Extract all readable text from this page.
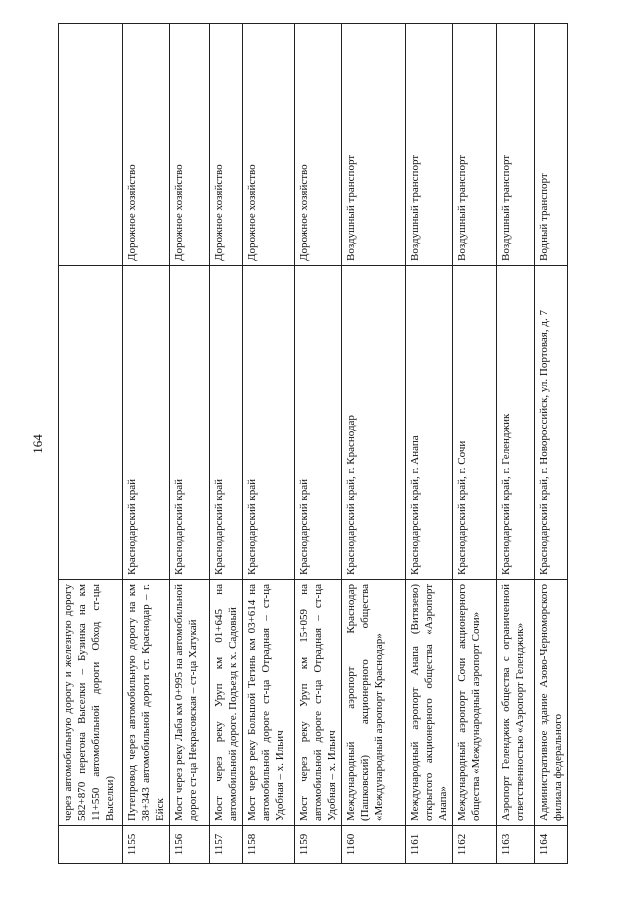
164
	через автомобильную дорогу и железную дорогу 582+870 перегона Выселки – Бузинка на км 11+550 автомобильной дороги Обход ст-цы Выселки)		
1155	Путепровод через автомобильную дорогу на км 38+343 автомобильной дороги ст. Краснодар – г. Ейск	Краснодарский край	Дорожное хозяйство
1156	Мост через реку Лаба км 0+995 на автомобильной дороге ст-ца Некрасовская – ст-ца Хатукай	Краснодарский край	Дорожное хозяйство
1157	Мост через реку Уруп км 01+645 на автомобильной дороге. Подъезд к х. Садовый	Краснодарский край	Дорожное хозяйство
1158	Мост через реку Большой Тегинь км 03+614 на автомобильной дороге ст-ца Отрадная – ст-ца Удобная – х. Ильич	Краснодарский край	Дорожное хозяйство
1159	Мост через реку Уруп км 15+059 на автомобильной дороге ст-ца Отрадная – ст-ца Удобная – х. Ильич	Краснодарский край	Дорожное хозяйство
1160	Международный аэропорт Краснодар (Пашковский) акционерного общества «Международный аэропорт Краснодар»	Краснодарский край, г. Краснодар	Воздушный транспорт
1161	Международный аэропорт Анапа (Витязево) открытого акционерного общества «Аэропорт Анапа»	Краснодарский край, г. Анапа	Воздушный транспорт
1162	Международный аэропорт Сочи акционерного общества «Международный аэропорт Сочи»	Краснодарский край, г. Сочи	Воздушный транспорт
1163	Аэропорт Геленджик общества с ограниченной ответственностью «Аэропорт Геленджик»	Краснодарский край, г. Геленджик	Воздушный транспорт
1164	Административное здание Азово-Черноморского филиала федерального	Краснодарский край, г. Новороссийск, ул. Портовая, д. 7	Водный транспорт
